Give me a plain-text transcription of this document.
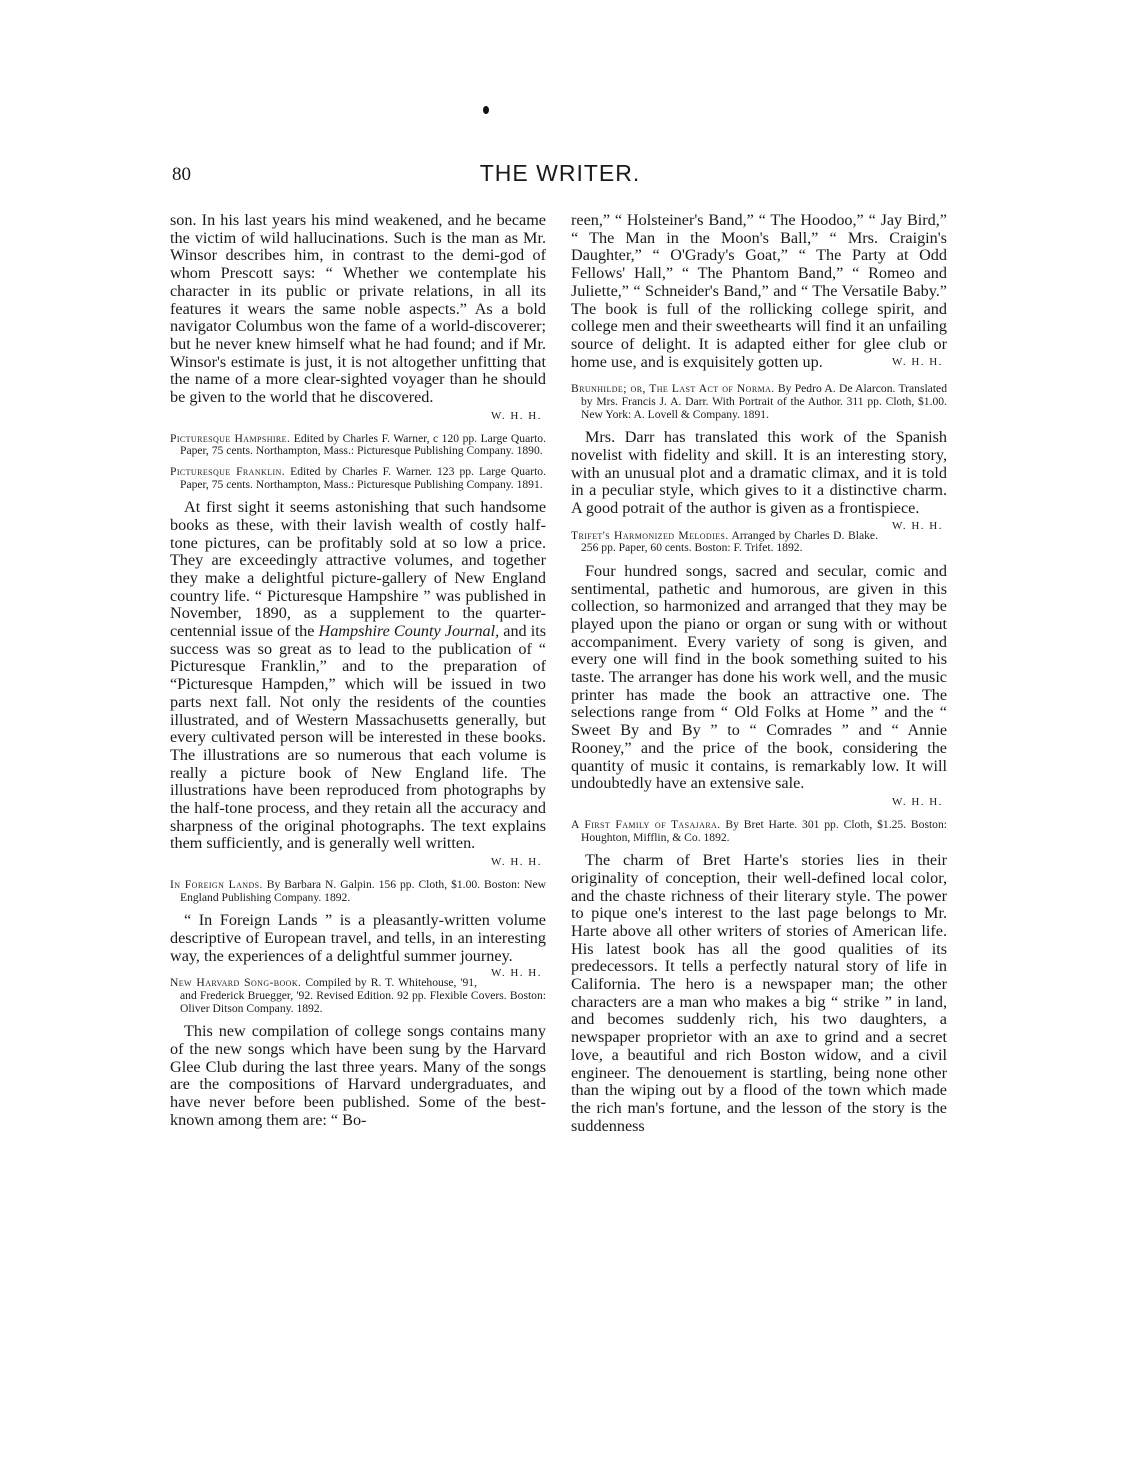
80	THE WRITER.

son. In his last years his mind weakened, and he became the victim of wild hallucinations. Such is the man as Mr. Winsor describes him, in contrast to the demi-god of whom Prescott says: “ Whether we contemplate his character in its public or private relations, in all its features it wears the same noble aspects.” As a bold navigator Columbus won the fame of a world-discoverer; but he never knew himself what he had found; and if Mr. Winsor's estimate is just, it is not altogether unfitting that the name of a more clear-sighted voyager than he should be given to the world that he discovered.

W. H. H.
Picturesque Hampshire. Edited by Charles F. Warner, c 120 pp. Large Quarto. Paper, 75 cents. Northampton, Mass.: Picturesque Publishing Company. 1890.
Picturesque Franklin. Edited by Charles F. Warner. 123 pp. Large Quarto. Paper, 75 cents. Northampton, Mass.: Picturesque Publishing Company. 1891.

At first sight it seems astonishing that such handsome books as these, with their lavish wealth of costly half-tone pictures, can be profitably sold at so low a price. They are exceedingly attractive volumes, and together they make a delightful picture-gallery of New England country life. “ Picturesque Hampshire ” was published in November, 1890, as a supplement to the quarter-centennial issue of the Hampshire County Journal, and its success was so great as to lead to the publication of “ Picturesque Franklin,” and to the preparation of “Picturesque Hampden,” which will be issued in two parts next fall. Not only the residents of the counties illustrated, and of Western Massachusetts generally, but every cultivated person will be interested in these books. The illustrations are so numerous that each volume is really a picture book of New England life. The illustrations have been reproduced from photographs by the half-tone process, and they retain all the accuracy and sharpness of the original photographs. The text explains them sufficiently, and is generally well written.

W. H. H.
In Foreign Lands. By Barbara N. Galpin. 156 pp. Cloth, $1.00. Boston: New England Publishing Company. 1892.

“ In Foreign Lands ” is a pleasantly-written volume descriptive of European travel, and tells, in an interesting way, the experiences of a delightful summer journey.
W. H. H.

New Harvard Song-book. Compiled by R. T. Whitehouse, '91, and Frederick Bruegger, '92. Revised Edition. 92 pp. Flexible Covers. Boston: Oliver Ditson Company. 1892.

This new compilation of college songs contains many of the new songs which have been sung by the Harvard Glee Club during the last three years. Many of the songs are the compositions of Harvard undergraduates, and have never before been published. Some of the best-known among them are: “ Bo-

reen,” “ Holsteiner's Band,” “ The Hoodoo,” “ Jay Bird,” “ The Man in the Moon's Ball,” “ Mrs. Craigin's Daughter,” “ O'Grady's Goat,” “ The Party at Odd Fellows' Hall,” “ The Phantom Band,” “ Romeo and Juliette,” “ Schneider's Band,” and “ The Versatile Baby.” The book is full of the rollicking college spirit, and college men and their sweethearts will find it an unfailing source of delight. It is adapted either for glee club or home use, and is exquisitely gotten up.	W. H. H.

Brunhilde; or, The Last Act of Norma. By Pedro A. De Alarcon. Translated by Mrs. Francis J. A. Darr. With Portrait of the Author. 311 pp. Cloth, $1.00. New York: A. Lovell & Company. 1891.

Mrs. Darr has translated this work of the Spanish novelist with fidelity and skill. It is an interesting story, with an unusual plot and a dramatic climax, and it is told in a peculiar style, which gives to it a distinctive charm. A good potrait of the author is given as a frontispiece.
W. H. H.

Trifet's Harmonized Melodies. Arranged by Charles D. Blake. 256 pp. Paper, 60 cents. Boston: F. Trifet. 1892.

Four hundred songs, sacred and secular, comic and sentimental, pathetic and humorous, are given in this collection, so harmonized and arranged that they may be played upon the piano or organ or sung with or without accompaniment. Every variety of song is given, and every one will find in the book something suited to his taste. The arranger has done his work well, and the music printer has made the book an attractive one. The selections range from “ Old Folks at Home ” and the “ Sweet By and By ” to “ Comrades ” and “ Annie Rooney,” and the price of the book, considering the quantity of music it contains, is remarkably low. It will undoubtedly have an extensive sale.

W. H. H.
A First Family of Tasajara. By Bret Harte. 301 pp. Cloth, $1.25. Boston: Houghton, Mifflin, & Co. 1892.

The charm of Bret Harte's stories lies in their originality of conception, their well-defined local color, and the chaste richness of their literary style. The power to pique one's interest to the last page belongs to Mr. Harte above all other writers of stories of American life. His latest book has all the good qualities of its predecessors. It tells a perfectly natural story of life in California. The hero is a newspaper man; the other characters are a man who makes a big “ strike ” in land, and becomes suddenly rich, his two daughters, a newspaper proprietor with an axe to grind and a secret love, a beautiful and rich Boston widow, and a civil engineer. The denouement is startling, being none other than the wiping out by a flood of the town which made the rich man's fortune, and the lesson of the story is the suddenness
